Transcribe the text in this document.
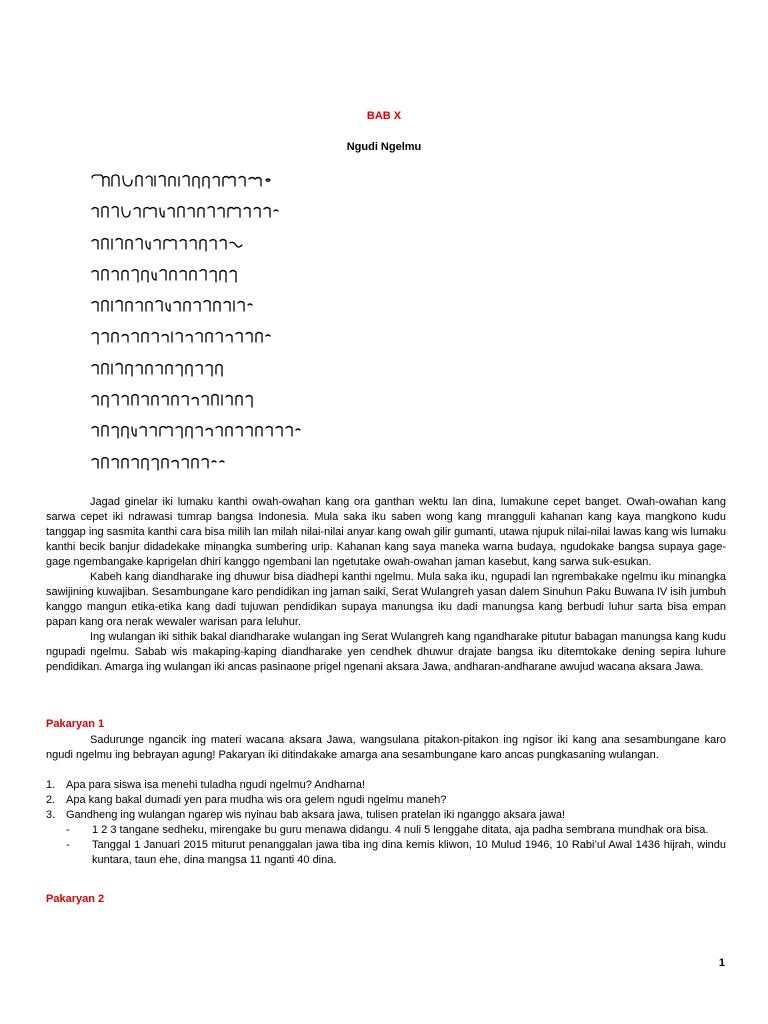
BAB X
Ngudi Ngelmu

Jagad ginelar iki lumaku kanthi owah-owahan kang ora ganthan wektu lan dina, lumakune cepet banget. Owah-owahan kang sarwa cepet iki ndrawasi tumrap bangsa Indonesia. Mula saka iku saben wong kang mrangguli kahanan kang kaya mangkono kudu tanggap ing sasmita kanthi cara bisa milih lan milah nilai-nilai anyar kang owah gilir gumanti, utawa njupuk nilai-nilai lawas kang wis lumaku kanthi becik banjur didadekake minangka sumbering urip. Kahanan kang saya maneka warna budaya, ngudokake bangsa supaya gage-gage ngembangake kaprigelan dhiri kanggo ngembani lan ngetutake owah-owahan jaman kasebut, kang sarwa suk-esukan.

Kabeh kang diandharake ing dhuwur bisa diadhepi kanthi ngelmu. Mula saka iku, ngupadi lan ngrembakake ngelmu iku minangka sawijining kuwajiban. Sesambungane karo pendidikan ing jaman saiki, Serat Wulangreh yasan dalem Sinuhun Paku Buwana IV isih jumbuh kanggo mangun etika-etika kang dadi tujuwan pendidikan supaya manungsa iku dadi manungsa kang berbudi luhur sarta bisa empan papan kang ora nerak wewaler warisan para leluhur.

Ing wulangan iki sithik bakal diandharake wulangan ing Serat Wulangreh kang ngandharake pitutur babagan manungsa kang kudu ngupadi ngelmu. Sabab wis makaping-kaping diandharake yen cendhek dhuwur drajate bangsa iku ditemtokake dening sepira luhure pendidikan. Amarga ing wulangan iki ancas pasinaone prigel ngenani aksara Jawa, andharan-andharane awujud wacana aksara Jawa.

Pakaryan 1

Sadurunge ngancik ing materi wacana aksara Jawa, wangsulana pitakon-pitakon ing ngisor iki kang ana sesambungane karo ngudi ngelmu ing bebrayan agung! Pakaryan iki ditindakake amarga ana sesambungane karo ancas pungkasaning wulangan.

1. Apa para siswa isa menehi tuladha ngudi ngelmu? Andharna!
2. Apa kang bakal dumadi yen para mudha wis ora gelem ngudi ngelmu maneh?
3. Gandheng ing wulangan ngarep wis nyinau bab aksara jawa, tulisen pratelan iki nganggo aksara jawa!
-	1 2 3 tangane sedheku, mirengake bu guru menawa didangu. 4 nuli 5 lenggahe ditata, aja padha sembrana mundhak ora bisa.
-	Tanggal 1 Januari 2015 miturut penanggalan jawa tiba ing dina kemis kliwon, 10 Mulud 1946, 10 Rabi’ul Awal 1436 hijrah, windu kuntara, taun ehe, dina mangsa 11 nganti 40 dina.
Pakaryan 2
1
